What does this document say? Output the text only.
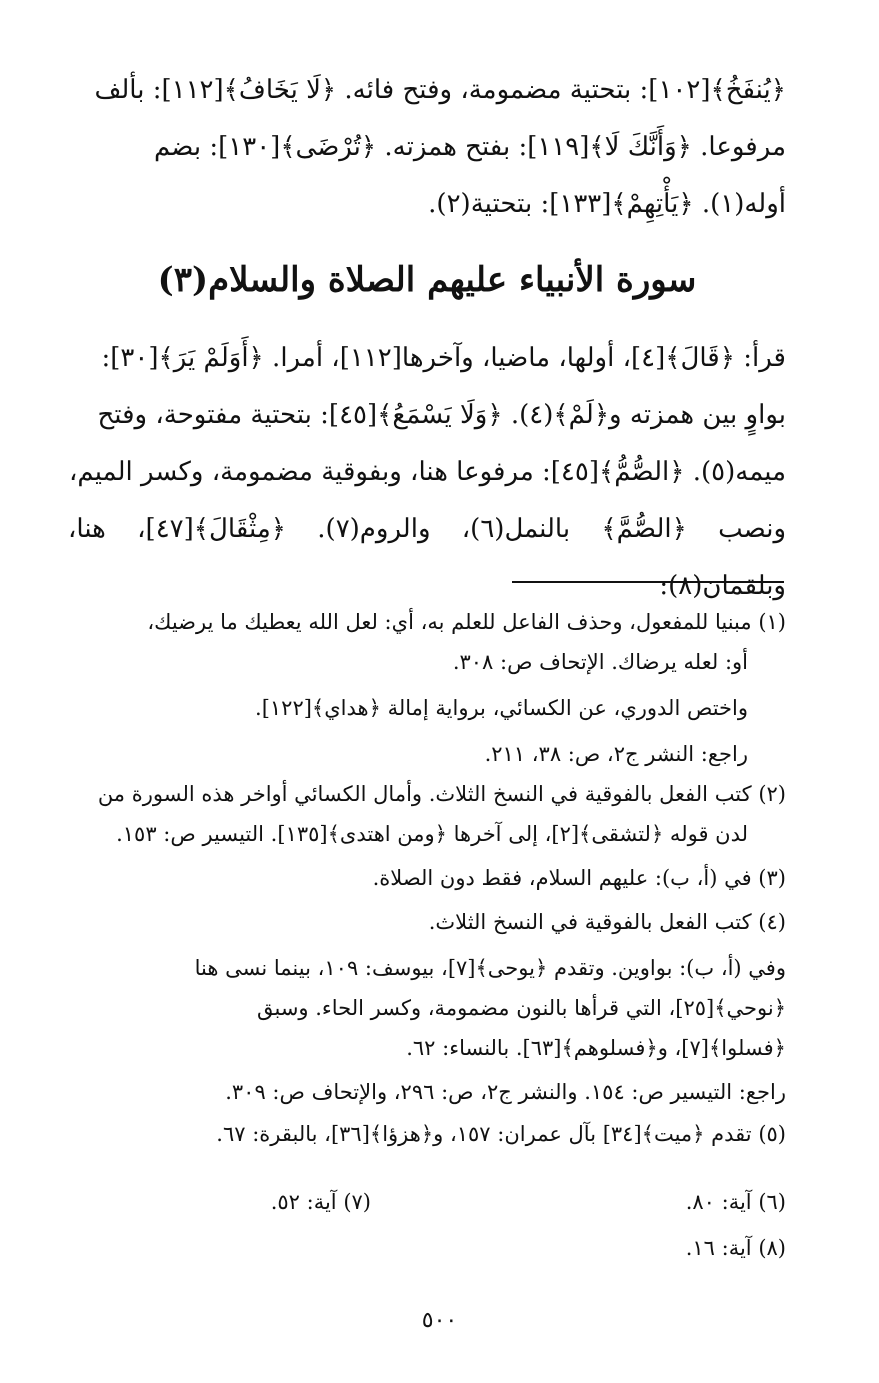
﴿يُنفَخُ﴾[١٠٢]: بتحتية مضمومة، وفتح فائه. ﴿لَا يَخَافُ﴾[١١٢]: بألف
مرفوعا. ﴿وَأَنَّكَ لَا﴾[١١٩]: بفتح همزته. ﴿تُرْضَى﴾[١٣٠]: بضم
أوله(١). ﴿يَأْتِهِمْ﴾[١٣٣]: بتحتية(٢).
سورة الأنبياء عليهم الصلاة والسلام(٣)
قرأ: ﴿قَالَ﴾[٤]، أولها، ماضيا، وآخرها[١١٢]، أمرا. ﴿أَوَلَمْ يَرَ﴾[٣٠]:
بواوٍ بين همزته و﴿لَمْ﴾(٤). ﴿وَلَا يَسْمَعُ﴾[٤٥]: بتحتية مفتوحة، وفتح
ميمه(٥). ﴿الصُّمُّ﴾[٤٥]: مرفوعا هنا، وبفوقية مضمومة، وكسر الميم،
ونصب ﴿الصُّمَّ﴾ بالنمل(٦)، والروم(٧). ﴿مِثْقَالَ﴾[٤٧]، هنا، وبلقمان(٨):
(١) مبنيا للمفعول، وحذف الفاعل للعلم به، أي: لعل الله يعطيك ما يرضيك،
أو: لعله يرضاك. الإتحاف ص: ٣٠٨.
واختص الدوري، عن الكسائي، برواية إمالة ﴿هداي﴾[١٢٢].
راجع: النشر ج٢، ص: ٣٨، ٢١١.
(٢) كتب الفعل بالفوقية في النسخ الثلاث. وأمال الكسائي أواخر هذه السورة من
لدن قوله ﴿لتشقى﴾[٢]، إلى آخرها ﴿ومن اهتدى﴾[١٣٥]. التيسير ص: ١٥٣.
(٣) في (أ، ب): عليهم السلام، فقط دون الصلاة.
(٤) كتب الفعل بالفوقية في النسخ الثلاث.
وفي (أ، ب): بواوين. وتقدم ﴿يوحى﴾[٧]، بيوسف: ١٠٩، بينما نسى هنا
﴿نوحي﴾[٢٥]، التي قرأها بالنون مضمومة، وكسر الحاء. وسبق
﴿فسلوا﴾[٧]، و﴿فسلوهم﴾[٦٣]. بالنساء: ٦٢.
راجع: التيسير ص: ١٥٤. والنشر ج٢، ص: ٢٩٦، والإتحاف ص: ٣٠٩.
(٥) تقدم ﴿ميت﴾[٣٤] بآل عمران: ١٥٧، و﴿هزؤا﴾[٣٦]، بالبقرة: ٦٧.
(٦) آية: ٨٠.
(٧) آية: ٥٢.
(٨) آية: ١٦.
٥٠٠
